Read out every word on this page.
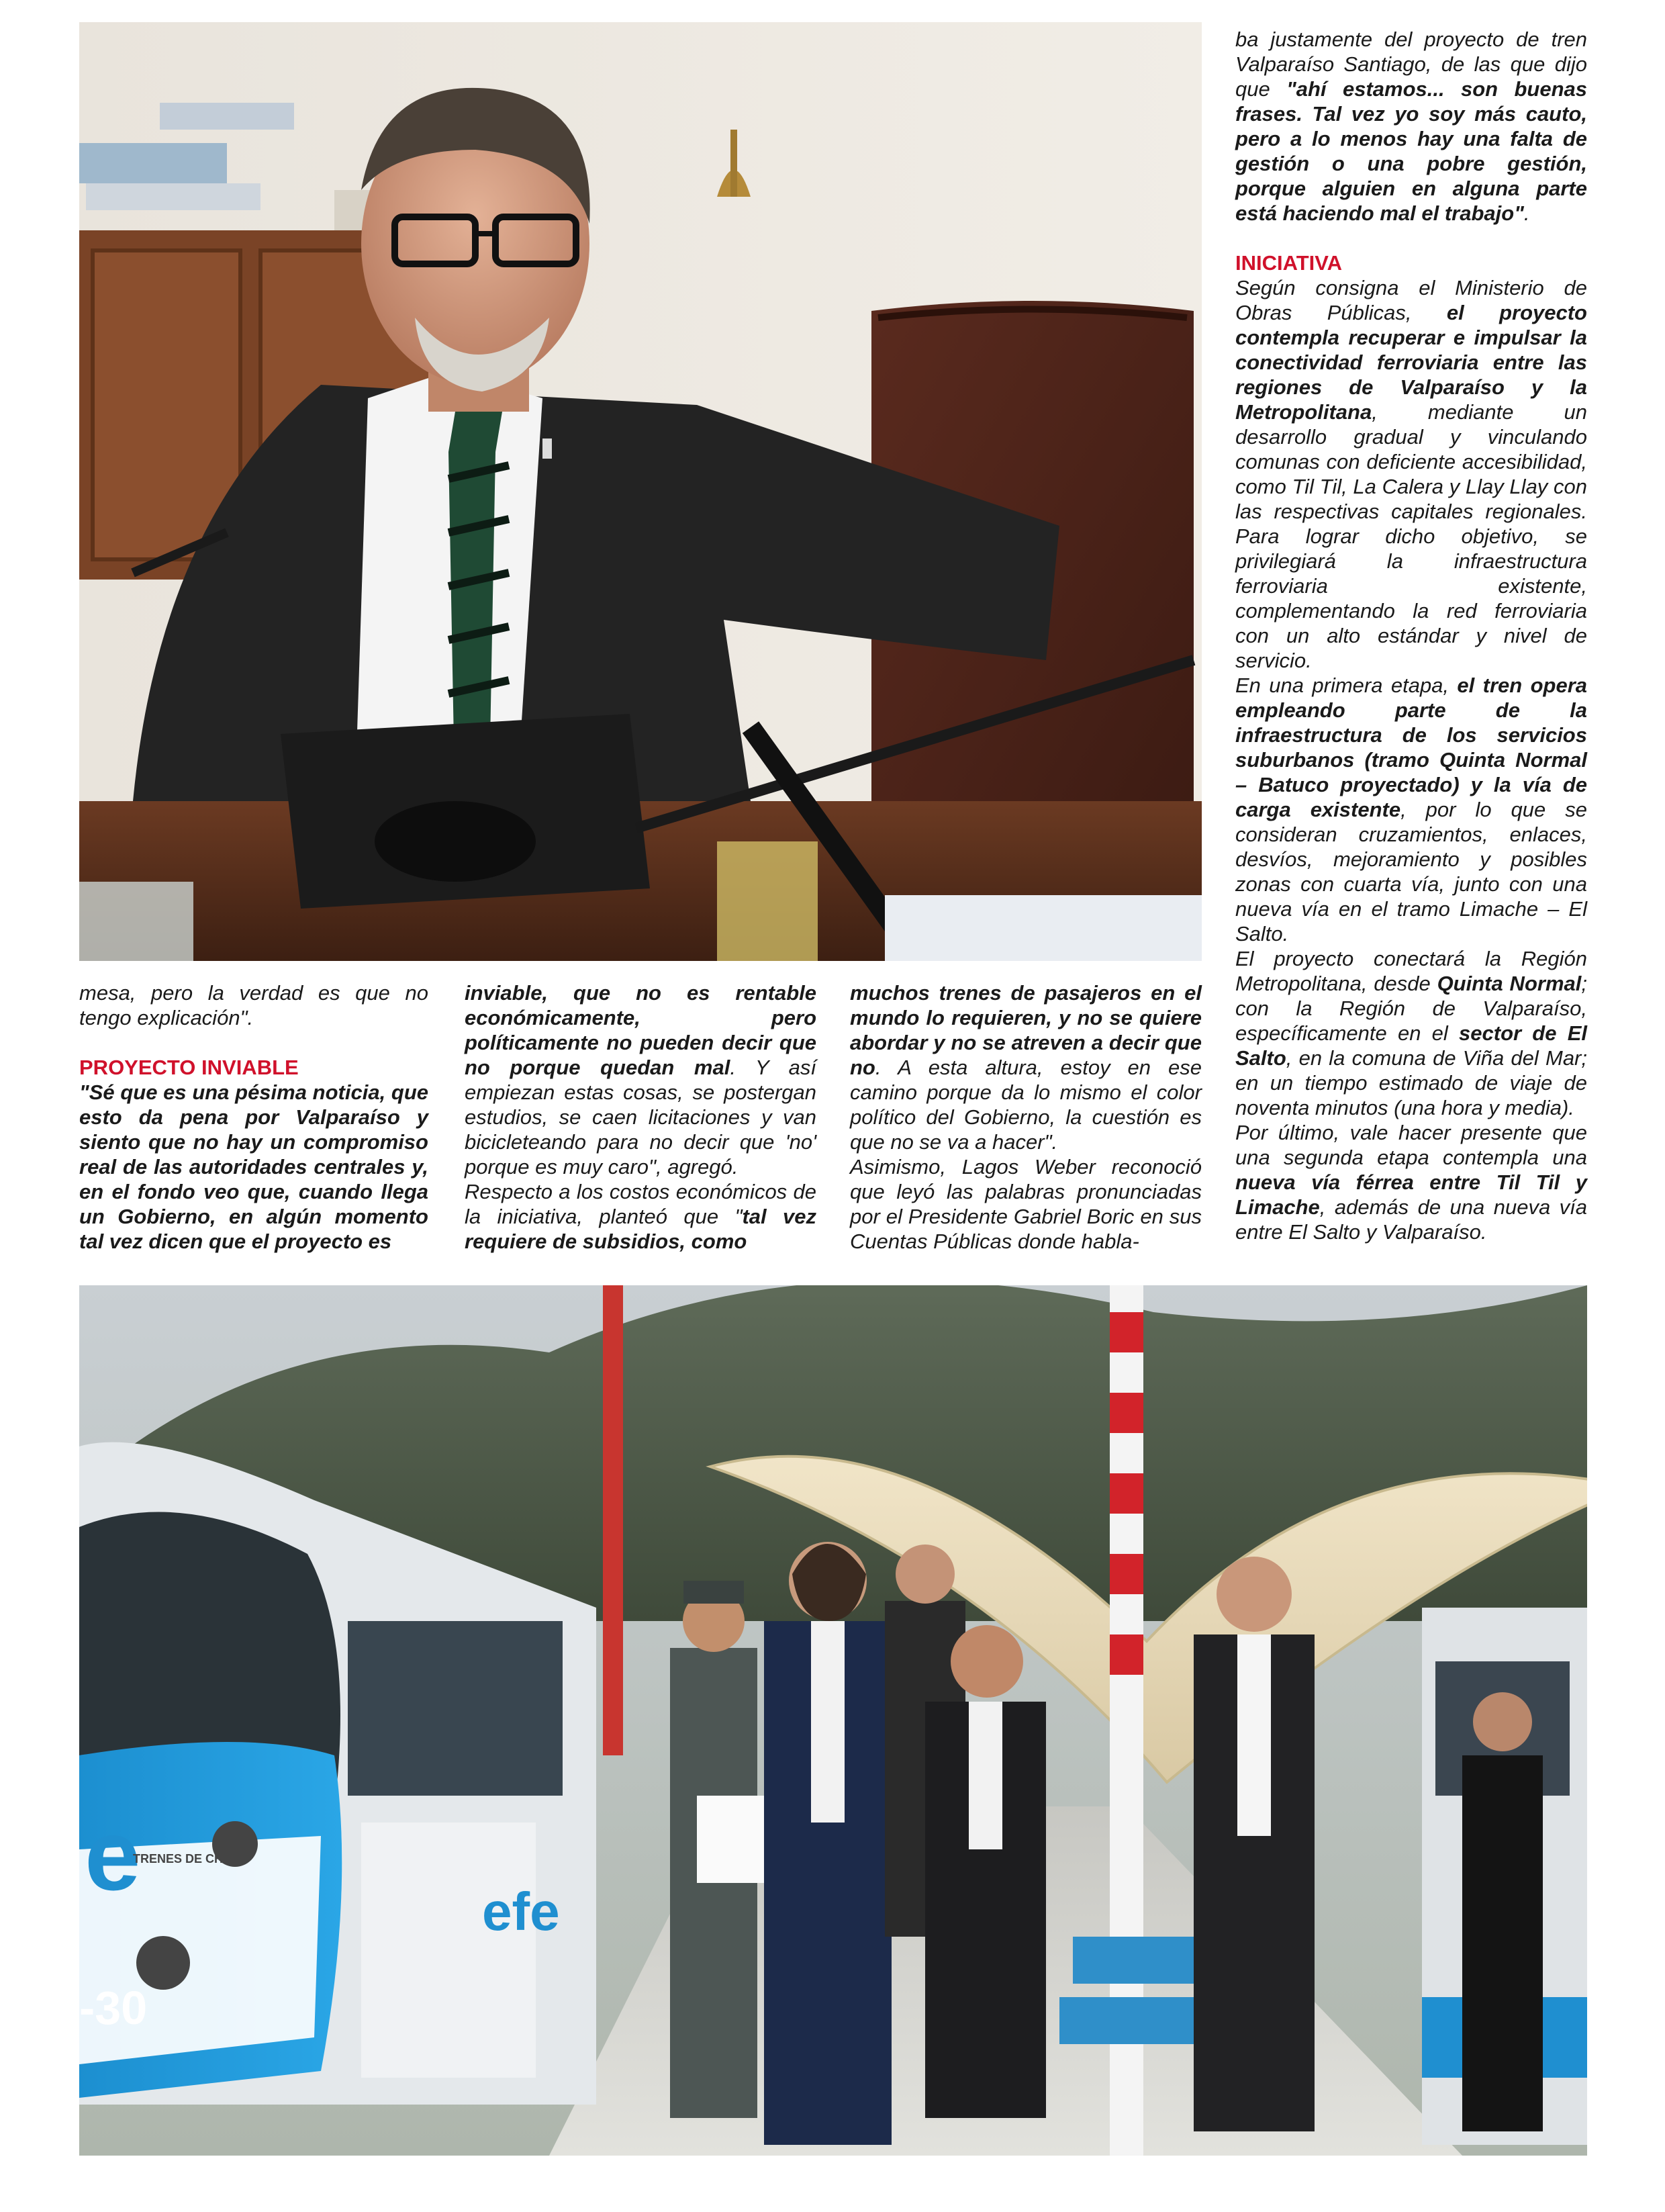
mesa, pero la verdad es que no tengo explicación".

PROYECTO INVIABLE

"Sé que es una pésima noticia, que esto da pena por Valparaíso y siento que no hay un compromiso real de las autoridades centrales y, en el fondo veo que, cuando llega un Gobierno, en algún momento tal vez dicen que el proyecto es

inviable, que no es rentable económicamente, pero políticamente no pueden decir que no porque quedan mal. Y así empiezan estas cosas, se postergan estudios, se caen licitaciones y van bicicleteando para no decir que 'no' porque es muy caro", agregó.

Respecto a los costos económicos de la iniciativa, planteó que "tal vez requiere de subsidios, como

muchos trenes de pasajeros en el mundo lo requieren, y no se quiere abordar y no se atreven a decir que no. A esta altura, estoy en ese camino porque da lo mismo el color político del Gobierno, la cuestión es que no se va a hacer".

Asimismo, Lagos Weber reconoció que leyó las palabras pronunciadas por el Presidente Gabriel Boric en sus Cuentas Públicas donde habla-

ba justamente del proyecto de tren Valparaíso Santiago, de las que dijo que "ahí estamos... son buenas frases. Tal vez yo soy más cauto, pero a lo menos hay una falta de gestión o una pobre gestión, porque alguien en alguna parte está haciendo mal el trabajo".

INICIATIVA

Según consigna el Ministerio de Obras Públicas, el proyecto contempla recuperar e impulsar la conectividad ferroviaria entre las regiones de Valparaíso y la Metropolitana, mediante un desarrollo gradual y vinculando comunas con deficiente accesibilidad, como Til Til, La Calera y Llay Llay con las respectivas capitales regionales. Para lograr dicho objetivo, se privilegiará la infraestructura ferroviaria existente, complementando la red ferroviaria con un alto estándar y nivel de servicio.

En una primera etapa, el tren opera empleando parte de la infraestructura de los servicios suburbanos (tramo Quinta Normal – Batuco proyectado) y la vía de carga existente, por lo que se consideran cruzamientos, enlaces, desvíos, mejoramiento y posibles zonas con cuarta vía, junto con una nueva vía en el tramo Limache – El Salto.

El proyecto conectará la Región Metropolitana, desde Quinta Normal; con la Región de Valparaíso, específicamente en el sector de El Salto, en la comuna de Viña del Mar; en un tiempo estimado de viaje de noventa minutos (una hora y media).

Por último, vale hacer presente que una segunda etapa contempla una nueva vía férrea entre Til Til y Limache, además de una nueva vía entre El Salto y Valparaíso.

e
TRENES DE CHILE
-30
efe
